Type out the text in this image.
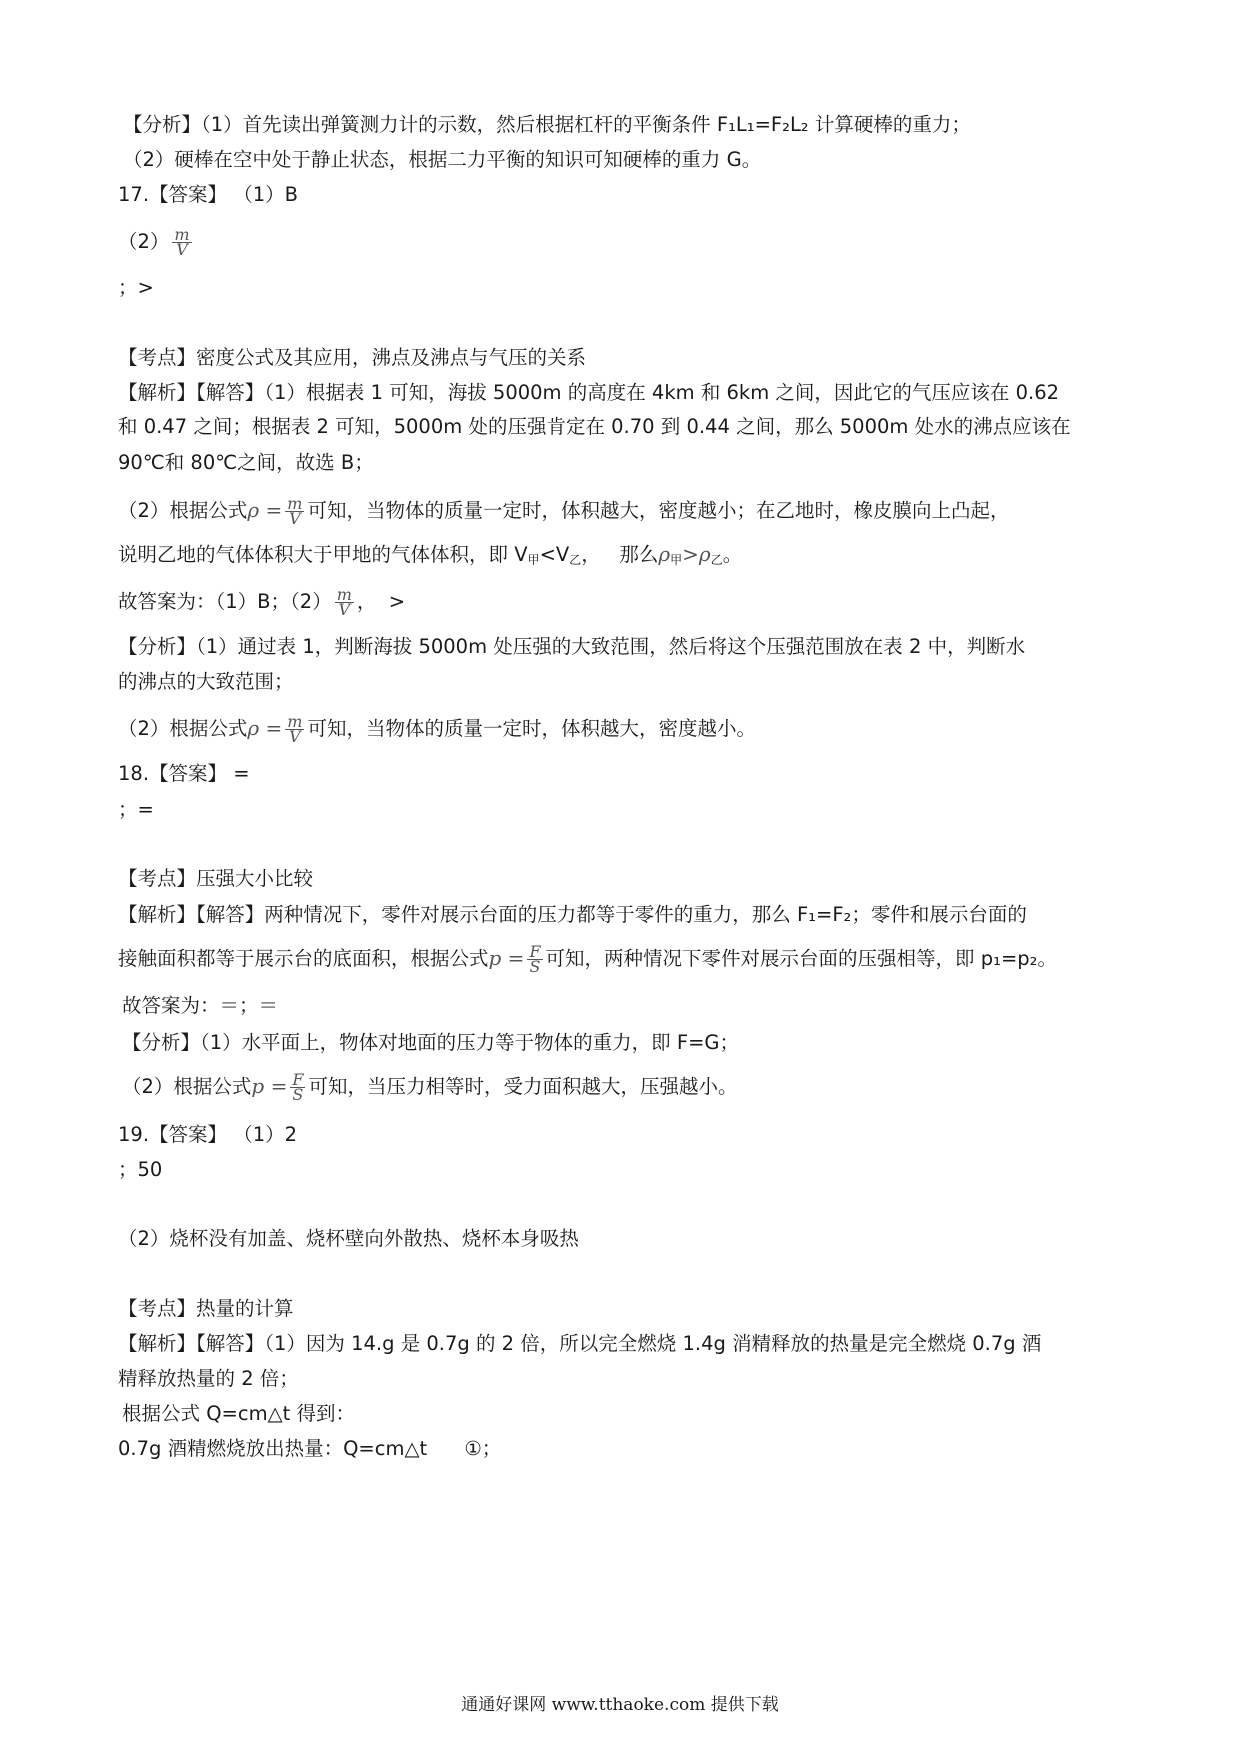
【分析】（1）首先读出弹簧测力计的示数，然后根据杠杆的平衡条件 F₁L₁=F₂L₂ 计算硬棒的重力；
（2）硬棒在空中处于静止状态，根据二力平衡的知识可知硬棒的重力 G。
17.【答案】 （1）B
$(2) \frac{m}{V}$
；>
【考点】密度公式及其应用，沸点及沸点与气压的关系
【解析】【解答】（1）根据表 1 可知，海拔 5000m 的高度在 4km 和 6km 之间，因此它的气压应该在 0.62
和 0.47 之间；根据表 2 可知，5000m 处的压强肯定在 0.70 到 0.44 之间，那么 5000m 处水的沸点应该在
90℃和 80℃之间，故选 B；
（2）根据公式$\rho = \frac{m}{V}$ 可知，当物体的质量一定时，体积越大，密度越小；在乙地时，橡皮膜向上凸起，
说明乙地的气体体积大于甲地的气体体积，即 $V_甲<V_乙$，   那么$\rho_甲>\rho_乙$。
故答案为：（1）B；$(2) \frac{m}{V}$ ，  >
【分析】（1）通过表 1，判断海拔 5000m 处压强的大致范围，然后将这个压强范围放在表 2 中，判断水
的沸点的大致范围；
（2）根据公式$\rho = \frac{m}{V}$ 可知，当物体的质量一定时，体积越大，密度越小。
18.【答案】 =
；=
【考点】压强大小比较
【解析】【解答】两种情况下，零件对展示台面的压力都等于零件的重力，那么 F₁=F₂；零件和展示台面的
接触面积都等于展示台的底面积，根据公式$p = \frac{F}{S}$ 可知，两种情况下零件对展示台面的压强相等，即 p₁=p₂。
故答案为：＝；＝
【分析】（1）水平面上，物体对地面的压力等于物体的重力，即 F=G；
（2）根据公式$p = \frac{F}{S}$ 可知，当压力相等时，受力面积越大，压强越小。
19.【答案】 （1）2
；50
（2）烧杯没有加盖、烧杯壁向外散热、烧杯本身吸热
【考点】热量的计算
【解析】【解答】（1）因为 14.g 是 0.7g 的 2 倍，所以完全燃烧 1.4g 消精释放的热量是完全燃烧 0.7g 酒
精释放热量的 2 倍；
根据公式 Q=cm△t 得到：
0.7g 酒精燃烧放出热量：Q=cm△t      ①；
通通好课网 www.tthaoke.com 提供下载
